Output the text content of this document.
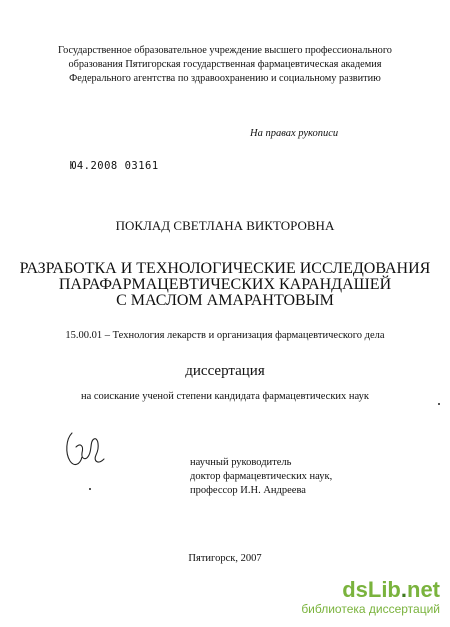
Государственное образовательное учреждение высшего профессионального
образования Пятигорская государственная фармацевтическая академия
Федерального агентства по здравоохранению и социальному развитию
На правах рукописи
Ю4.2008 03161
ПОКЛАД СВЕТЛАНА ВИКТОРОВНА
РАЗРАБОТКА И ТЕХНОЛОГИЧЕСКИЕ ИССЛЕДОВАНИЯ
ПАРАФАРМАЦЕВТИЧЕСКИХ КАРАНДАШЕЙ
С МАСЛОМ АМАРАНТОВЫМ
15.00.01 – Технология лекарств и организация фармацевтического дела
диссертация
на соискание ученой степени кандидата фармацевтических наук
научный руководитель
доктор фармацевтических наук,
профессор И.Н. Андреева
Пятигорск, 2007
dsLib.net
библиотека диссертаций
